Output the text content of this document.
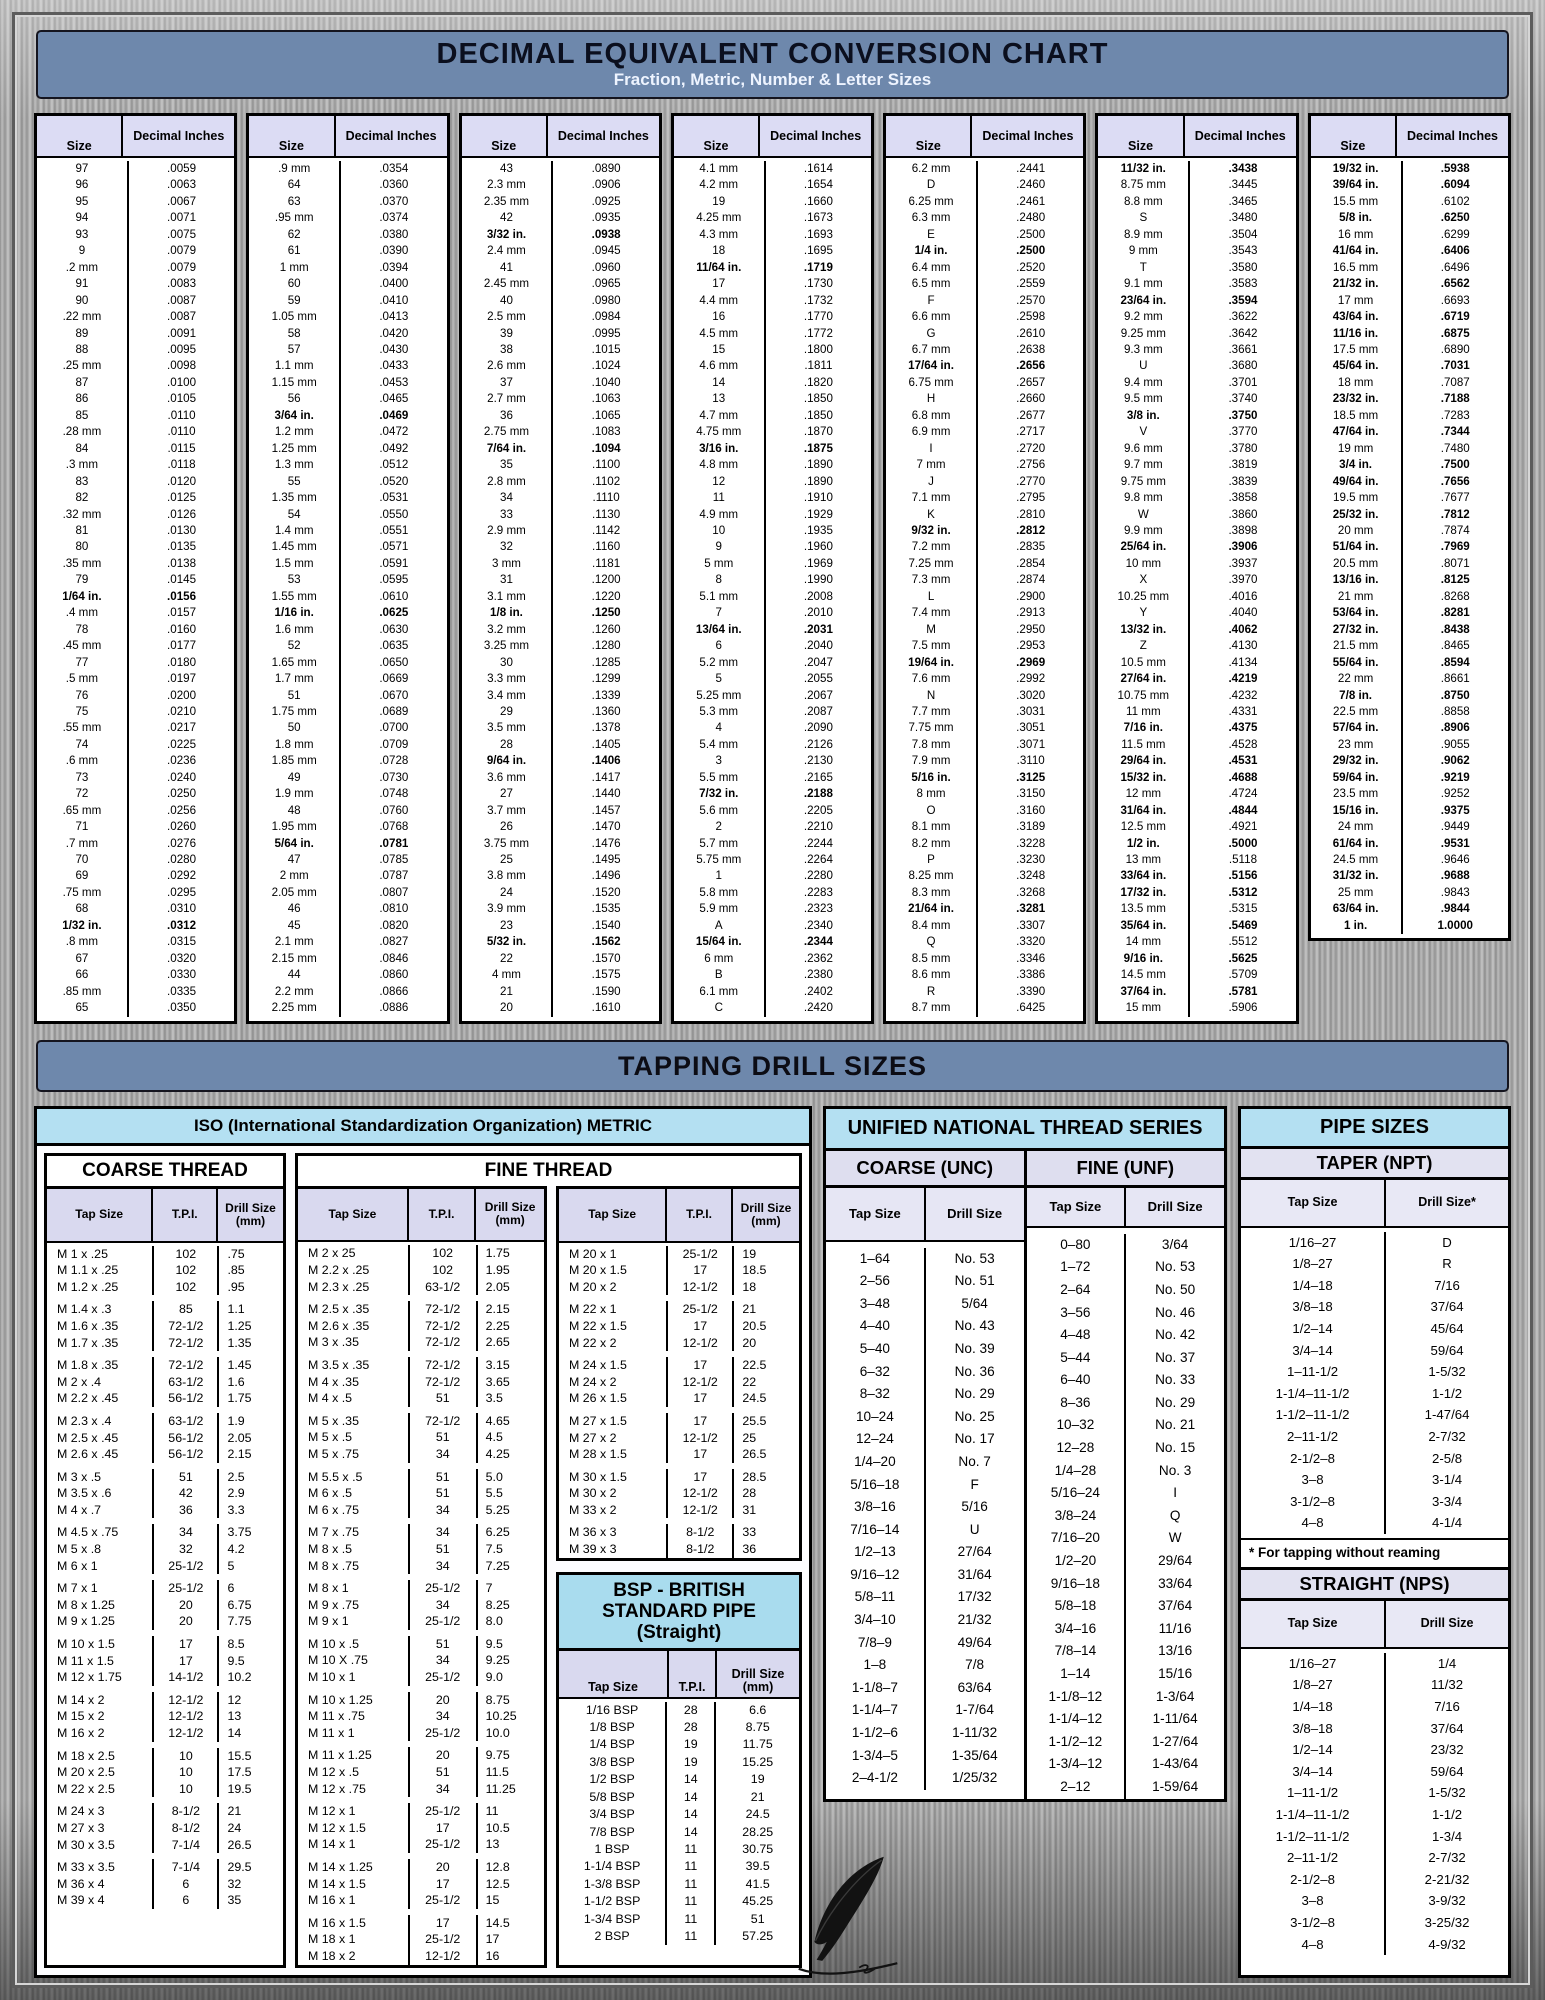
DECIMAL EQUIVALENT CONVERSION CHART
Fraction, Metric, Number & Letter Sizes
Size
Decimal Inches
97	.0059
96	.0063
95	.0067
94	.0071
93	.0075
9	.0079
.2 mm	.0079
91	.0083
90	.0087
.22 mm	.0087
89	.0091
88	.0095
.25 mm	.0098
87	.0100
86	.0105
85	.0110
.28 mm	.0110
84	.0115
.3 mm	.0118
83	.0120
82	.0125
.32 mm	.0126
81	.0130
80	.0135
.35 mm	.0138
79	.0145
1/64 in.	.0156
.4 mm	.0157
78	.0160
.45 mm	.0177
77	.0180
.5 mm	.0197
76	.0200
75	.0210
.55 mm	.0217
74	.0225
.6 mm	.0236
73	.0240
72	.0250
.65 mm	.0256
71	.0260
.7 mm	.0276
70	.0280
69	.0292
.75 mm	.0295
68	.0310
1/32 in.	.0312
.8 mm	.0315
67	.0320
66	.0330
.85 mm	.0335
65	.0350
Size
Decimal Inches
.9 mm	.0354
64	.0360
63	.0370
.95 mm	.0374
62	.0380
61	.0390
1 mm	.0394
60	.0400
59	.0410
1.05 mm	.0413
58	.0420
57	.0430
1.1 mm	.0433
1.15 mm	.0453
56	.0465
3/64 in.	.0469
1.2 mm	.0472
1.25 mm	.0492
1.3 mm	.0512
55	.0520
1.35 mm	.0531
54	.0550
1.4 mm	.0551
1.45 mm	.0571
1.5 mm	.0591
53	.0595
1.55 mm	.0610
1/16 in.	.0625
1.6 mm	.0630
52	.0635
1.65 mm	.0650
1.7 mm	.0669
51	.0670
1.75 mm	.0689
50	.0700
1.8 mm	.0709
1.85 mm	.0728
49	.0730
1.9 mm	.0748
48	.0760
1.95 mm	.0768
5/64 in.	.0781
47	.0785
2 mm	.0787
2.05 mm	.0807
46	.0810
45	.0820
2.1 mm	.0827
2.15 mm	.0846
44	.0860
2.2 mm	.0866
2.25 mm	.0886
Size
Decimal Inches
43	.0890
2.3 mm	.0906
2.35 mm	.0925
42	.0935
3/32 in.	.0938
2.4 mm	.0945
41	.0960
2.45 mm	.0965
40	.0980
2.5 mm	.0984
39	.0995
38	.1015
2.6 mm	.1024
37	.1040
2.7 mm	.1063
36	.1065
2.75 mm	.1083
7/64 in.	.1094
35	.1100
2.8 mm	.1102
34	.1110
33	.1130
2.9 mm	.1142
32	.1160
3 mm	.1181
31	.1200
3.1 mm	.1220
1/8 in.	.1250
3.2 mm	.1260
3.25 mm	.1280
30	.1285
3.3 mm	.1299
3.4 mm	.1339
29	.1360
3.5 mm	.1378
28	.1405
9/64 in.	.1406
3.6 mm	.1417
27	.1440
3.7 mm	.1457
26	.1470
3.75 mm	.1476
25	.1495
3.8 mm	.1496
24	.1520
3.9 mm	.1535
23	.1540
5/32 in.	.1562
22	.1570
4 mm	.1575
21	.1590
20	.1610
Size
Decimal Inches
4.1 mm	.1614
4.2 mm	.1654
19	.1660
4.25 mm	.1673
4.3 mm	.1693
18	.1695
11/64 in.	.1719
17	.1730
4.4 mm	.1732
16	.1770
4.5 mm	.1772
15	.1800
4.6 mm	.1811
14	.1820
13	.1850
4.7 mm	.1850
4.75 mm	.1870
3/16 in.	.1875
4.8 mm	.1890
12	.1890
11	.1910
4.9 mm	.1929
10	.1935
9	.1960
5 mm	.1969
8	.1990
5.1 mm	.2008
7	.2010
13/64 in.	.2031
6	.2040
5.2 mm	.2047
5	.2055
5.25 mm	.2067
5.3 mm	.2087
4	.2090
5.4 mm	.2126
3	.2130
5.5 mm	.2165
7/32 in.	.2188
5.6 mm	.2205
2	.2210
5.7 mm	.2244
5.75 mm	.2264
1	.2280
5.8 mm	.2283
5.9 mm	.2323
A	.2340
15/64 in.	.2344
6 mm	.2362
B	.2380
6.1 mm	.2402
C	.2420
Size
Decimal Inches
6.2 mm	.2441
D	.2460
6.25 mm	.2461
6.3 mm	.2480
E	.2500
1/4 in.	.2500
6.4 mm	.2520
6.5 mm	.2559
F	.2570
6.6 mm	.2598
G	.2610
6.7 mm	.2638
17/64 in.	.2656
6.75 mm	.2657
H	.2660
6.8 mm	.2677
6.9 mm	.2717
I	.2720
7 mm	.2756
J	.2770
7.1 mm	.2795
K	.2810
9/32 in.	.2812
7.2 mm	.2835
7.25 mm	.2854
7.3 mm	.2874
L	.2900
7.4 mm	.2913
M	.2950
7.5 mm	.2953
19/64 in.	.2969
7.6 mm	.2992
N	.3020
7.7 mm	.3031
7.75 mm	.3051
7.8 mm	.3071
7.9 mm	.3110
5/16 in.	.3125
8 mm	.3150
O	.3160
8.1 mm	.3189
8.2 mm	.3228
P	.3230
8.25 mm	.3248
8.3 mm	.3268
21/64 in.	.3281
8.4 mm	.3307
Q	.3320
8.5 mm	.3346
8.6 mm	.3386
R	.3390
8.7 mm	.6425
Size
Decimal Inches
11/32 in.	.3438
8.75 mm	.3445
8.8 mm	.3465
S	.3480
8.9 mm	.3504
9 mm	.3543
T	.3580
9.1 mm	.3583
23/64 in.	.3594
9.2 mm	.3622
9.25 mm	.3642
9.3 mm	.3661
U	.3680
9.4 mm	.3701
9.5 mm	.3740
3/8 in.	.3750
V	.3770
9.6 mm	.3780
9.7 mm	.3819
9.75 mm	.3839
9.8 mm	.3858
W	.3860
9.9 mm	.3898
25/64 in.	.3906
10 mm	.3937
X	.3970
10.25 mm	.4016
Y	.4040
13/32 in.	.4062
Z	.4130
10.5 mm	.4134
27/64 in.	.4219
10.75 mm	.4232
11 mm	.4331
7/16 in.	.4375
11.5 mm	.4528
29/64 in.	.4531
15/32 in.	.4688
12 mm	.4724
31/64 in.	.4844
12.5 mm	.4921
1/2 in.	.5000
13 mm	.5118
33/64 in.	.5156
17/32 in.	.5312
13.5 mm	.5315
35/64 in.	.5469
14 mm	.5512
9/16 in.	.5625
14.5 mm	.5709
37/64 in.	.5781
15 mm	.5906
Size
Decimal Inches
19/32 in.	.5938
39/64 in.	.6094
15.5 mm	.6102
5/8 in.	.6250
16 mm	.6299
41/64 in.	.6406
16.5 mm	.6496
21/32 in.	.6562
17 mm	.6693
43/64 in.	.6719
11/16 in.	.6875
17.5 mm	.6890
45/64 in.	.7031
18 mm	.7087
23/32 in.	.7188
18.5 mm	.7283
47/64 in.	.7344
19 mm	.7480
3/4 in.	.7500
49/64 in.	.7656
19.5 mm	.7677
25/32 in.	.7812
20 mm	.7874
51/64 in.	.7969
20.5 mm	.8071
13/16 in.	.8125
21 mm	.8268
53/64 in.	.8281
27/32 in.	.8438
21.5 mm	.8465
55/64 in.	.8594
22 mm	.8661
7/8 in.	.8750
22.5 mm	.8858
57/64 in.	.8906
23 mm	.9055
29/32 in.	.9062
59/64 in.	.9219
23.5 mm	.9252
15/16 in.	.9375
24 mm	.9449
61/64 in.	.9531
24.5 mm	.9646
31/32 in.	.9688
25 mm	.9843
63/64 in.	.9844
1 in.	1.0000
TAPPING DRILL SIZES
ISO (International Standardization Organization) METRIC
COARSE THREAD
Tap Size	T.P.I.	Drill Size (mm)
M 1 x .25	102	.75
M 1.1 x .25	102	.85
M 1.2 x .25	102	.95
M 1.4 x .3	85	1.1
M 1.6 x .35	72-1/2	1.25
M 1.7 x .35	72-1/2	1.35
M 1.8 x .35	72-1/2	1.45
M 2 x .4	63-1/2	1.6
M 2.2 x .45	56-1/2	1.75
M 2.3 x .4	63-1/2	1.9
M 2.5 x .45	56-1/2	2.05
M 2.6 x .45	56-1/2	2.15
M 3 x .5	51	2.5
M 3.5 x .6	42	2.9
M 4 x .7	36	3.3
M 4.5 x .75	34	3.75
M 5 x .8	32	4.2
M 6 x 1	25-1/2	5
M 7 x 1	25-1/2	6
M 8 x 1.25	20	6.75
M 9 x 1.25	20	7.75
M 10 x 1.5	17	8.5
M 11 x 1.5	17	9.5
M 12 x 1.75	14-1/2	10.2
M 14 x 2	12-1/2	12
M 15 x 2	12-1/2	13
M 16 x 2	12-1/2	14
M 18 x 2.5	10	15.5
M 20 x 2.5	10	17.5
M 22 x 2.5	10	19.5
M 24 x 3	8-1/2	21
M 27 x 3	8-1/2	24
M 30 x 3.5	7-1/4	26.5
M 33 x 3.5	7-1/4	29.5
M 36 x 4	6	32
M 39 x 4	6	35
FINE THREAD
Tap Size	T.P.I.	Drill Size (mm)
M 2 x 25	102	1.75
M 2.2 x .25	102	1.95
M 2.3 x .25	63-1/2	2.05
M 2.5 x .35	72-1/2	2.15
M 2.6 x .35	72-1/2	2.25
M 3 x .35	72-1/2	2.65
M 3.5 x .35	72-1/2	3.15
M 4 x .35	72-1/2	3.65
M 4 x .5	51	3.5
M 5 x .35	72-1/2	4.65
M 5 x .5	51	4.5
M 5 x .75	34	4.25
M 5.5 x .5	51	5.0
M 6 x .5	51	5.5
M 6 x .75	34	5.25
M 7 x .75	34	6.25
M 8 x .5	51	7.5
M 8 x .75	34	7.25
M 8 x 1	25-1/2	7
M 9 x .75	34	8.25
M 9 x 1	25-1/2	8.0
M 10 x .5	51	9.5
M 10 X .75	34	9.25
M 10 x 1	25-1/2	9.0
M 10 x 1.25	20	8.75
M 11 x .75	34	10.25
M 11 x 1	25-1/2	10.0
M 11 x 1.25	20	9.75
M 12 x .5	51	11.5
M 12 x .75	34	11.25
M 12 x 1	25-1/2	11
M 12 x 1.5	17	10.5
M 14 x 1	25-1/2	13
M 14 x 1.25	20	12.8
M 14 x 1.5	17	12.5
M 16 x 1	25-1/2	15
M 16 x 1.5	17	14.5
M 18 x 1	25-1/2	17
M 18 x 2	12-1/2	16
Tap Size	T.P.I.	Drill Size (mm)
M 20 x 1	25-1/2	19
M 20 x 1.5	17	18.5
M 20 x 2	12-1/2	18
M 22 x 1	25-1/2	21
M 22 x 1.5	17	20.5
M 22 x 2	12-1/2	20
M 24 x 1.5	17	22.5
M 24 x 2	12-1/2	22
M 26 x 1.5	17	24.5
M 27 x 1.5	17	25.5
M 27 x 2	12-1/2	25
M 28 x 1.5	17	26.5
M 30 x 1.5	17	28.5
M 30 x 2	12-1/2	28
M 33 x 2	12-1/2	31
M 36 x 3	8-1/2	33
M 39 x 3	8-1/2	36
BSP - BRITISH
STANDARD PIPE
(Straight)
Tap Size	T.P.I.
Drill Size (mm)
1/16 BSP	28	6.6
1/8 BSP	28	8.75
1/4 BSP	19	11.75
3/8 BSP	19	15.25
1/2 BSP	14	19
5/8 BSP	14	21
3/4 BSP	14	24.5
7/8 BSP	14	28.25
1 BSP	11	30.75
1-1/4 BSP	11	39.5
1-3/8 BSP	11	41.5
1-1/2 BSP	11	45.25
1-3/4 BSP	11	51
2 BSP	11	57.25
UNIFIED NATIONAL THREAD SERIES
COARSE (UNC)
Tap Size	Drill Size
1–64	No. 53
2–56	No. 51
3–48	5/64
4–40	No. 43
5–40	No. 39
6–32	No. 36
8–32	No. 29
10–24	No. 25
12–24	No. 17
1/4–20	No. 7
5/16–18	F
3/8–16	5/16
7/16–14	U
1/2–13	27/64
9/16–12	31/64
5/8–11	17/32
3/4–10	21/32
7/8–9	49/64
1–8	7/8
1-1/8–7	63/64
1-1/4–7	1-7/64
1-1/2–6	1-11/32
1-3/4–5	1-35/64
2–4-1/2	1/25/32
FINE (UNF)
Tap Size	Drill Size
0–80	3/64
1–72	No. 53
2–64	No. 50
3–56	No. 46
4–48	No. 42
5–44	No. 37
6–40	No. 33
8–36	No. 29
10–32	No. 21
12–28	No. 15
1/4–28	No. 3
5/16–24	I
3/8–24	Q
7/16–20	W
1/2–20	29/64
9/16–18	33/64
5/8–18	37/64
3/4–16	11/16
7/8–14	13/16
1–14	15/16
1-1/8–12	1-3/64
1-1/4–12	1-11/64
1-1/2–12	1-27/64
1-3/4–12	1-43/64
2–12	1-59/64
PIPE SIZES
TAPER (NPT)
Tap Size	Drill Size*
1/16–27	D
1/8–27	R
1/4–18	7/16
3/8–18	37/64
1/2–14	45/64
3/4–14	59/64
1–11-1/2	1-5/32
1-1/4–11-1/2	1-1/2
1-1/2–11-1/2	1-47/64
2–11-1/2	2-7/32
2-1/2–8	2-5/8
3–8	3-1/4
3-1/2–8	3-3/4
4–8	4-1/4
* For tapping without reaming
STRAIGHT (NPS)
Tap Size	Drill Size
1/16–27	1/4
1/8–27	11/32
1/4–18	7/16
3/8–18	37/64
1/2–14	23/32
3/4–14	59/64
1–11-1/2	1-5/32
1-1/4–11-1/2	1-1/2
1-1/2–11-1/2	1-3/4
2–11-1/2	2-7/32
2-1/2–8	2-21/32
3–8	3-9/32
3-1/2–8	3-25/32
4–8	4-9/32
